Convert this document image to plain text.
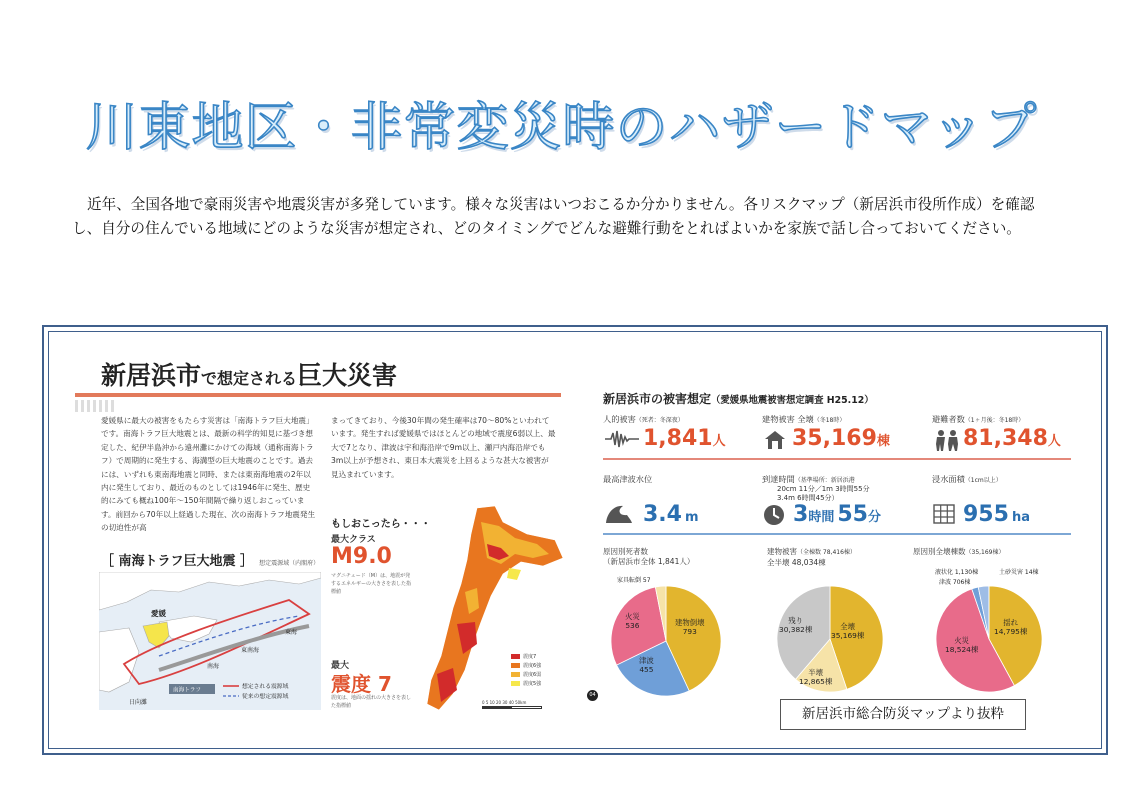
川東地区・非常変災時のハザードマップ

近年、全国各地で豪雨災害や地震災害が多発しています。様々な災害はいつおこるか分かりません。各リスクマップ（新居浜市役所作成）を確認し、自分の住んでいる地域にどのような災害が想定され、どのタイミングでどんな避難行動をとればよいかを家族で話し合っておいてください。

新居浜市で想定される巨大災害

愛媛県に最大の被害をもたらす災害は「南海トラフ巨大地震」です。南海トラフ巨大地震とは、最新の科学的知見に基づき想定した、紀伊半島沖から遠州灘にかけての海域（通称南海トラフ）で周期的に発生する、海溝型の巨大地震のことです。過去には、いずれも東南海地震と同時、または東南海地震の2年以内に発生しており、最近のものとしては1946年に発生、歴史的にみても概ね100年〜150年間隔で繰り返しおこっています。前回から70年以上経過した現在、次の南海トラフ地震発生の切迫性が高

まってきており、今後30年間の発生確率は70〜80%といわれています。発生すれば愛媛県ではほとんどの地域で震度6弱以上、最大で7となり、津波は宇和海沿岸で9m以上、瀬戸内海沿岸でも3m以上が予想され、東日本大震災を上回るような甚大な被害が見込まれています。

［ 南海トラフ巨大地震 ］ 想定震源域（内閣府）
愛媛
東海
東南海
南海
日向灘
南海トラフ
想定される震源域
従来の想定震源域
もしおこったら・・・
最大クラス
M9.0
マグニチュード（M）は、地震が発するエネルギーの大きさを表した指標値
最大
震度 7
震度は、地面の揺れの大きさを表した指標値
震度7
震度6強
震度6弱
震度5強
0 5 10 20 30 40 50km
04
新居浜市の被害想定（愛媛県地震被害想定調査 H25.12）
人的被害（死者：冬深夜）
1,841人
建物被害 全壊（冬18時）
35,169棟
避難者数（1ヶ月後：冬18時）
81,348人
最高津波水位
3.4 m
到達時間（基準場所：新居浜港
20cm 11分／1m 3時間55分
3.4m 6時間45分）
3時間 55分
浸水面積（1cm以上）
955 ha
原因別死者数
（新居浜市全体 1,841人）
建物被害（全棟数 78,416棟）
全半壊 48,034棟
原因別全壊棟数（35,169棟）
建物倒壊
793
津波
455
火災
536
家具転倒 57
全壊
35,169棟
半壊
12,865棟
残り
30,382棟
揺れ
14,795棟
火災
18,524棟
津波 706棟
液状化 1,130棟	土砂災害 14棟
新居浜市総合防災マップより抜粋
